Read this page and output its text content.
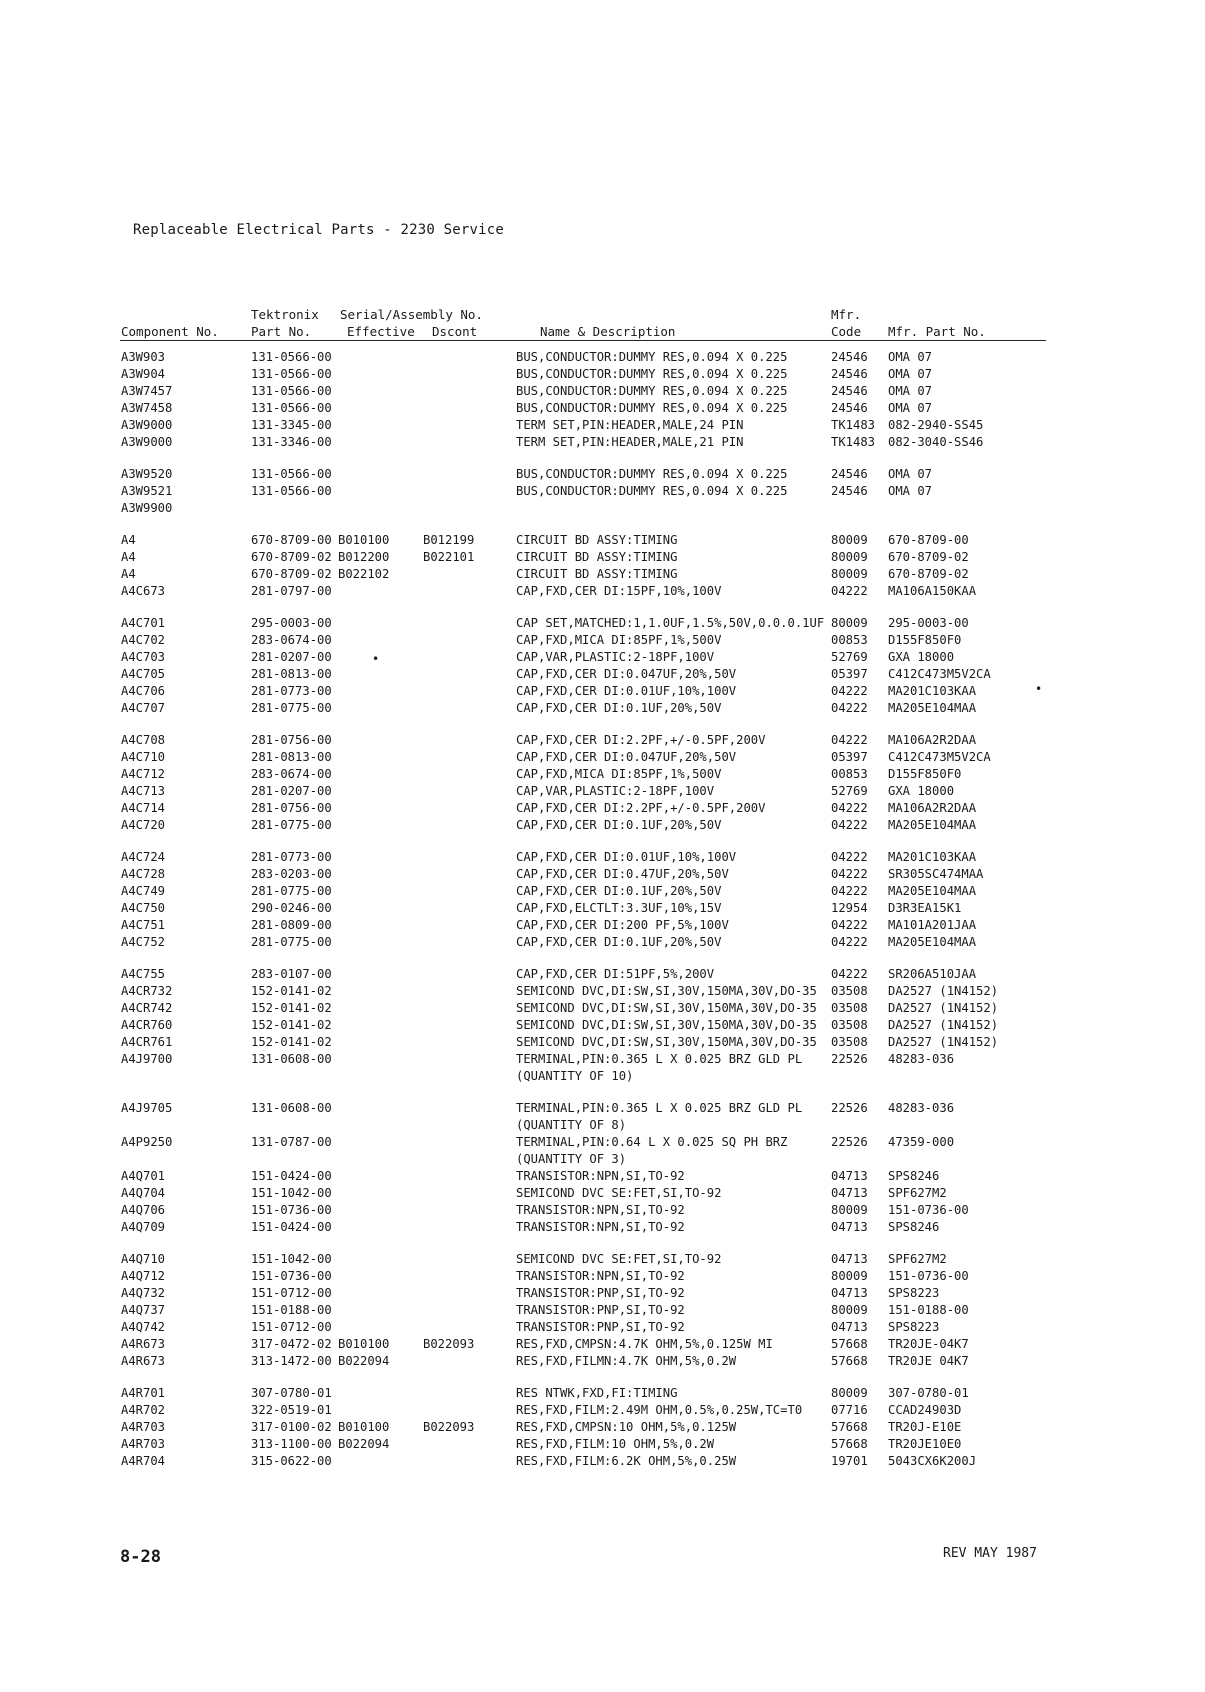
Replaceable Electrical Parts - 2230 Service
Tektronix Serial/Assembly No.	Mfr.
Component No.	Part No.	Effective Dscont	Name & Description	Code Mfr. Part No.
•
•
A3W903	131-0566-00	BUS,CONDUCTOR:DUMMY RES,0.094 X 0.225	24546 OMA 07
A3W904	131-0566-00	BUS,CONDUCTOR:DUMMY RES,0.094 X 0.225	24546 OMA 07
A3W7457	131-0566-00	BUS,CONDUCTOR:DUMMY RES,0.094 X 0.225	24546 OMA 07
A3W7458	131-0566-00	BUS,CONDUCTOR:DUMMY RES,0.094 X 0.225	24546 OMA 07
A3W9000	131-3345-00	TERM SET,PIN:HEADER,MALE,24 PIN	TK1483 082-2940-SS45
A3W9000	131-3346-00	TERM SET,PIN:HEADER,MALE,21 PIN	TK1483 082-3040-SS46
A3W9520	131-0566-00	BUS,CONDUCTOR:DUMMY RES,0.094 X 0.225	24546 OMA 07
A3W9521	131-0566-00	BUS,CONDUCTOR:DUMMY RES,0.094 X 0.225	24546 OMA 07
A3W9900
A4	670-8709-00 B010100	B012199	CIRCUIT BD ASSY:TIMING	80009 670-8709-00
A4	670-8709-02 B012200	B022101	CIRCUIT BD ASSY:TIMING	80009 670-8709-02
A4	670-8709-02 B022102	CIRCUIT BD ASSY:TIMING	80009 670-8709-02
A4C673	281-0797-00	CAP,FXD,CER DI:15PF,10%,100V	04222 MA106A150KAA
A4C701	295-0003-00	CAP SET,MATCHED:1,1.0UF,1.5%,50V,0.0.0.1UF 80009 295-0003-00
A4C702	283-0674-00	CAP,FXD,MICA DI:85PF,1%,500V	00853 D155F850F0
A4C703	281-0207-00	CAP,VAR,PLASTIC:2-18PF,100V	52769 GXA 18000
A4C705	281-0813-00	CAP,FXD,CER DI:0.047UF,20%,50V	05397 C412C473M5V2CA
A4C706	281-0773-00	CAP,FXD,CER DI:0.01UF,10%,100V	04222 MA201C103KAA
A4C707	281-0775-00	CAP,FXD,CER DI:0.1UF,20%,50V	04222 MA205E104MAA
A4C708	281-0756-00	CAP,FXD,CER DI:2.2PF,+/-0.5PF,200V	04222 MA106A2R2DAA
A4C710	281-0813-00	CAP,FXD,CER DI:0.047UF,20%,50V	05397 C412C473M5V2CA
A4C712	283-0674-00	CAP,FXD,MICA DI:85PF,1%,500V	00853 D155F850F0
A4C713	281-0207-00	CAP,VAR,PLASTIC:2-18PF,100V	52769 GXA 18000
A4C714	281-0756-00	CAP,FXD,CER DI:2.2PF,+/-0.5PF,200V	04222 MA106A2R2DAA
A4C720	281-0775-00	CAP,FXD,CER DI:0.1UF,20%,50V	04222 MA205E104MAA
A4C724	281-0773-00	CAP,FXD,CER DI:0.01UF,10%,100V	04222 MA201C103KAA
A4C728	283-0203-00	CAP,FXD,CER DI:0.47UF,20%,50V	04222 SR305SC474MAA
A4C749	281-0775-00	CAP,FXD,CER DI:0.1UF,20%,50V	04222 MA205E104MAA
A4C750	290-0246-00	CAP,FXD,ELCTLT:3.3UF,10%,15V	12954 D3R3EA15K1
A4C751	281-0809-00	CAP,FXD,CER DI:200 PF,5%,100V	04222 MA101A201JAA
A4C752	281-0775-00	CAP,FXD,CER DI:0.1UF,20%,50V	04222 MA205E104MAA
A4C755	283-0107-00	CAP,FXD,CER DI:51PF,5%,200V	04222 SR206A510JAA
A4CR732	152-0141-02	SEMICOND DVC,DI:SW,SI,30V,150MA,30V,DO-35 03508 DA2527 (1N4152)
A4CR742	152-0141-02	SEMICOND DVC,DI:SW,SI,30V,150MA,30V,DO-35 03508 DA2527 (1N4152)
A4CR760	152-0141-02	SEMICOND DVC,DI:SW,SI,30V,150MA,30V,DO-35 03508 DA2527 (1N4152)
A4CR761	152-0141-02	SEMICOND DVC,DI:SW,SI,30V,150MA,30V,DO-35 03508 DA2527 (1N4152)
A4J9700	131-0608-00	TERMINAL,PIN:0.365 L X 0.025 BRZ GLD PL 22526 48283-036
(QUANTITY OF 10)
A4J9705	131-0608-00	TERMINAL,PIN:0.365 L X 0.025 BRZ GLD PL 22526 48283-036
(QUANTITY OF 8)
A4P9250	131-0787-00	TERMINAL,PIN:0.64 L X 0.025 SQ PH BRZ	22526 47359-000
(QUANTITY OF 3)
A4Q701	151-0424-00	TRANSISTOR:NPN,SI,TO-92	04713 SPS8246
A4Q704	151-1042-00	SEMICOND DVC SE:FET,SI,TO-92	04713 SPF627M2
A4Q706	151-0736-00	TRANSISTOR:NPN,SI,TO-92	80009 151-0736-00
A4Q709	151-0424-00	TRANSISTOR:NPN,SI,TO-92	04713 SPS8246
A4Q710	151-1042-00	SEMICOND DVC SE:FET,SI,TO-92	04713 SPF627M2
A4Q712	151-0736-00	TRANSISTOR:NPN,SI,TO-92	80009 151-0736-00
A4Q732	151-0712-00	TRANSISTOR:PNP,SI,TO-92	04713 SPS8223
A4Q737	151-0188-00	TRANSISTOR:PNP,SI,TO-92	80009 151-0188-00
A4Q742	151-0712-00	TRANSISTOR:PNP,SI,TO-92	04713 SPS8223
A4R673	317-0472-02 B010100	B022093	RES,FXD,CMPSN:4.7K OHM,5%,0.125W MI	57668 TR20JE-04K7
A4R673	313-1472-00 B022094	RES,FXD,FILMN:4.7K OHM,5%,0.2W	57668 TR20JE 04K7
A4R701	307-0780-01	RES NTWK,FXD,FI:TIMING	80009 307-0780-01
A4R702	322-0519-01	RES,FXD,FILM:2.49M OHM,0.5%,0.25W,TC=T0 07716 CCAD24903D
A4R703	317-0100-02 B010100	B022093	RES,FXD,CMPSN:10 OHM,5%,0.125W	57668 TR20J-E10E
A4R703	313-1100-00 B022094	RES,FXD,FILM:10 OHM,5%,0.2W	57668 TR20JE10E0
A4R704	315-0622-00	RES,FXD,FILM:6.2K OHM,5%,0.25W	19701 5043CX6K200J
8-28	REV MAY 1987
